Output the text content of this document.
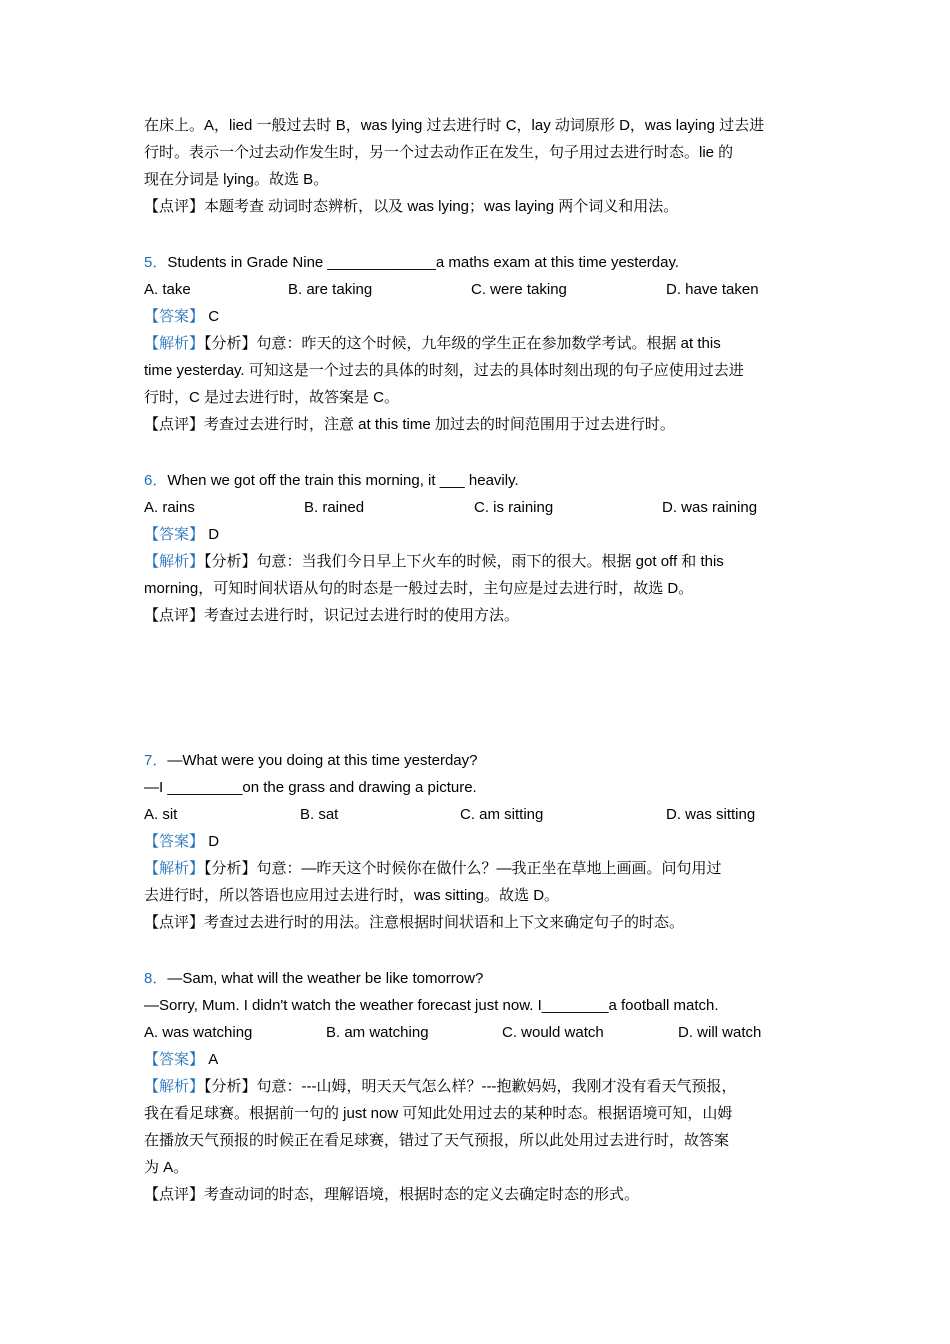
在床上。A，lied 一般过去时 B，was lying 过去进行时 C，lay 动词原形 D，was laying 过去进
行时。表示一个过去动作发生时，另一个过去动作正在发生，句子用过去进行时态。lie 的
现在分词是 lying。故选 B。
【点评】本题考查 动词时态辨析，以及 was lying；was laying 两个词义和用法。
5．Students in Grade Nine _____________a maths exam at this time yesterday.
A. take	B. are taking	C. were taking	D. have taken
【答案】 C
【解析】【分析】句意：昨天的这个时候，九年级的学生正在参加数学考试。根据 at this
time yesterday. 可知这是一个过去的具体的时刻，过去的具体时刻出现的句子应使用过去进
行时，C 是过去进行时，故答案是 C。
【点评】考查过去进行时，注意 at this time 加过去的时间范围用于过去进行时。
6．When we got off the train this morning, it ___ heavily.
A. rains	B. rained	C. is raining	D. was raining
【答案】 D
【解析】【分析】句意：当我们今日早上下火车的时候，雨下的很大。根据 got off 和 this
morning，可知时间状语从句的时态是一般过去时，主句应是过去进行时，故选 D。
【点评】考查过去进行时，识记过去进行时的使用方法。
7．—What were you doing at this time yesterday?
—I _________on the grass and drawing a picture.
A. sit	B. sat	C. am sitting	D. was sitting
【答案】 D
【解析】【分析】句意：—昨天这个时候你在做什么？—我正坐在草地上画画。问句用过
去进行时，所以答语也应用过去进行时，was sitting。故选 D。
【点评】考查过去进行时的用法。注意根据时间状语和上下文来确定句子的时态。
8．—Sam, what will the weather be like tomorrow?
—Sorry, Mum. I didn't watch the weather forecast just now. I________a football match.
A. was watching	B. am watching	C. would watch	D. will watch
【答案】 A
【解析】【分析】句意：---山姆，明天天气怎么样？---抱歉妈妈，我刚才没有看天气预报，
我在看足球赛。根据前一句的 just now 可知此处用过去的某种时态。根据语境可知，山姆
在播放天气预报的时候正在看足球赛，错过了天气预报，所以此处用过去进行时，故答案
为 A。
【点评】考查动词的时态，理解语境，根据时态的定义去确定时态的形式。
